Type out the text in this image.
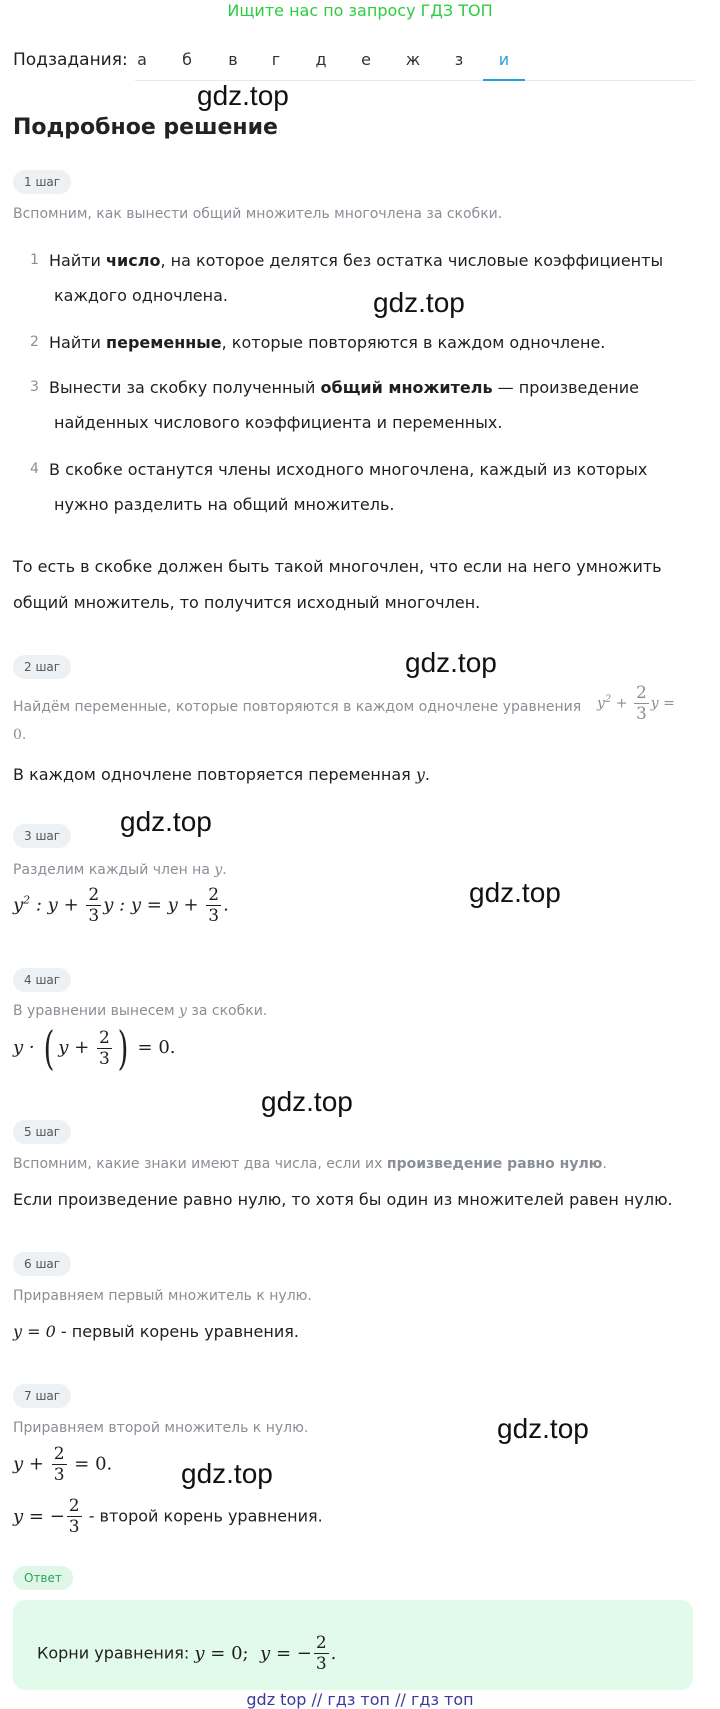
Ищите нас по запросу ГДЗ ТОП
Подзадания: а	б	в	г	д	е	ж	з	и
gdz.top
gdz.top
gdz.top
gdz.top
gdz.top
gdz.top
gdz.top
gdz.top
Подробное решение
1 шаг
Вспомним, как вынести общий множитель многочлена за скобки.
1 Найти число, на которое делятся без остатка числовые коэффициенты
каждого одночлена.
2 Найти переменные, которые повторяются в каждом одночлене.
3 Вынести за скобку полученный общий множитель — произведение
найденных числового коэффициента и переменных.
4 В скобке останутся члены исходного многочлена, каждый из которых
нужно разделить на общий множитель.
То есть в скобке должен быть такой многочлен, что если на него умножить
общий множитель, то получится исходный многочлен.
2 шаг
Найдём переменные, которые повторяются в каждом одночлене уравнения $y^2 + \frac{2}{3}$ y =
0.
В каждом одночлене повторяется переменная y.
3 шаг
Разделим каждый член на y.
$y^2$ : $y + \frac{2}{3}$ y : $y = y + \frac{2}{3}$ .
4 шаг
В уравнении вынесем y за скобки.
y · ( $y + \frac{2}{3}$ ) = 0.
5 шаг
Вспомним, какие знаки имеют два числа, если их произведение равно нулю.
Если произведение равно нулю, то хотя бы один из множителей равен нулю.
6 шаг
Приравняем первый множитель к нулю.
y = 0 - первый корень уравнения.
7 шаг
Приравняем второй множитель к нулю.
$y + \frac{2}{3} = 0$.
y = − $\frac{2}{3}$ - второй корень уравнения.
Ответ
Корни уравнения: y = 0;  y = − $\frac{2}{3}$ .
gdz top // гдз топ // гдз топ
